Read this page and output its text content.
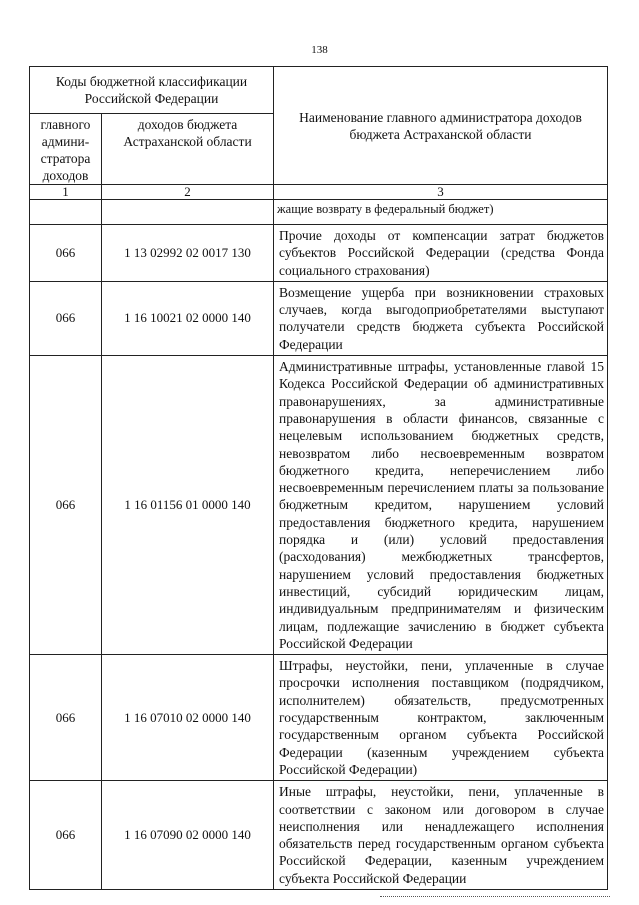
138
Коды бюджетной классификации Российской Федерации		Наименование главного администратора доходов бюджета Астраханской области
главного админи-стратора доходов	доходов бюджета Астраханской области	
1	2	3
		жащие возврату в федеральный бюджет)
066	1 13 02992 02 0017 130	Прочие доходы от компенсации затрат бюджетов субъектов Российской Федерации (средства Фонда социального страхования)
066	1 16 10021 02 0000 140	Возмещение ущерба при возникновении страховых случаев, когда выгодоприобретателями выступают получатели средств бюджета субъекта Российской Федерации
066	1 16 01156 01 0000 140	Административные штрафы, установленные главой 15 Кодекса Российской Федерации об административных правонарушениях, за административные правонарушения в области финансов, связанные с нецелевым использованием бюджетных средств, невозвратом либо несвоевременным возвратом бюджетного кредита, неперечислением либо несвоевременным перечислением платы за пользование бюджетным кредитом, нарушением условий предоставления бюджетного кредита, нарушением порядка и (или) условий предоставления (расходования) межбюджетных трансфертов, нарушением условий предоставления бюджетных инвестиций, субсидий юридическим лицам, индивидуальным предпринимателям и физическим лицам, подлежащие зачислению в бюджет субъекта Российской Федерации
066	1 16 07010 02 0000 140	Штрафы, неустойки, пени, уплаченные в случае просрочки исполнения поставщиком (подрядчиком, исполнителем) обязательств, предусмотренных государственным контрактом, заключенным государственным органом субъекта Российской Федерации (казенным учреждением субъекта Российской Федерации)
066	1 16 07090 02 0000 140	Иные штрафы, неустойки, пени, уплаченные в соответствии с законом или договором в случае неисполнения или ненадлежащего исполнения обязательств перед государственным органом субъекта Российской Федерации, казенным учреждением субъекта Российской Федерации
